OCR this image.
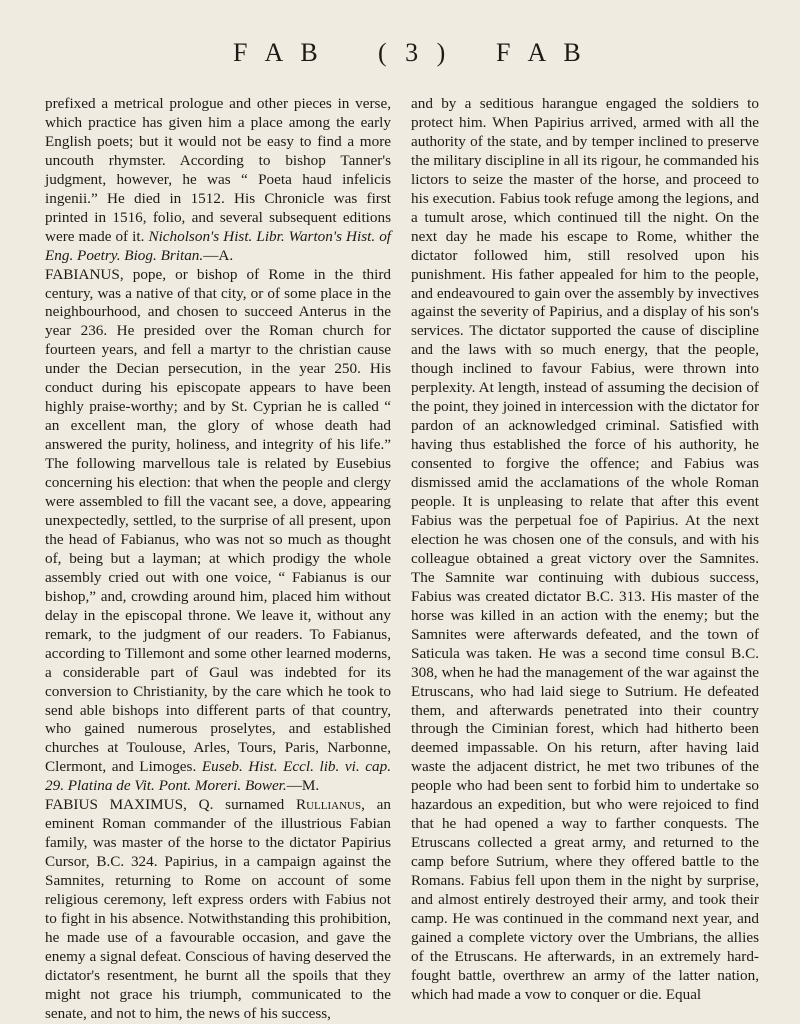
F A B ( 3 ) F A B

prefixed a metrical prologue and other pieces in verse, which practice has given him a place among the early English poets; but it would not be easy to find a more uncouth rhymster. According to bishop Tanner's judgment, however, he was “ Poeta haud infelicis ingenii.” He died in 1512. His Chronicle was first printed in 1516, folio, and several subsequent editions were made of it. Nicholson's Hist. Libr. Warton's Hist. of Eng. Poetry. Biog. Britan.—A.

FABIANUS, pope, or bishop of Rome in the third century, was a native of that city, or of some place in the neighbourhood, and chosen to succeed Anterus in the year 236. He presided over the Roman church for fourteen years, and fell a martyr to the christian cause under the Decian persecution, in the year 250. His conduct during his episcopate appears to have been highly praise-worthy; and by St. Cyprian he is called “ an excellent man, the glory of whose death had answered the purity, holiness, and integrity of his life.” The following marvellous tale is related by Eusebius concerning his election: that when the people and clergy were assembled to fill the vacant see, a dove, appearing unexpectedly, settled, to the surprise of all present, upon the head of Fabianus, who was not so much as thought of, being but a layman; at which prodigy the whole assembly cried out with one voice, “ Fabianus is our bishop,” and, crowding around him, placed him without delay in the episcopal throne. We leave it, without any remark, to the judgment of our readers. To Fabianus, according to Tillemont and some other learned moderns, a considerable part of Gaul was indebted for its conversion to Christianity, by the care which he took to send able bishops into different parts of that country, who gained numerous proselytes, and established churches at Toulouse, Arles, Tours, Paris, Narbonne, Clermont, and Limoges. Euseb. Hist. Eccl. lib. vi. cap. 29. Platina de Vit. Pont. Moreri. Bower.—M.

FABIUS MAXIMUS, Q. surnamed Rullianus, an eminent Roman commander of the illustrious Fabian family, was master of the horse to the dictator Papirius Cursor, B.C. 324. Papirius, in a campaign against the Samnites, returning to Rome on account of some religious ceremony, left express orders with Fabius not to fight in his absence. Notwithstanding this prohibition, he made use of a favourable occasion, and gave the enemy a signal defeat. Conscious of having deserved the dictator's resentment, he burnt all the spoils that they might not grace his triumph, communicated to the senate, and not to him, the news of his success,

and by a seditious harangue engaged the soldiers to protect him. When Papirius arrived, armed with all the authority of the state, and by temper inclined to preserve the military discipline in all its rigour, he commanded his lictors to seize the master of the horse, and proceed to his execution. Fabius took refuge among the legions, and a tumult arose, which continued till the night. On the next day he made his escape to Rome, whither the dictator followed him, still resolved upon his punishment. His father appealed for him to the people, and endeavoured to gain over the assembly by invectives against the severity of Papirius, and a display of his son's services. The dictator supported the cause of discipline and the laws with so much energy, that the people, though inclined to favour Fabius, were thrown into perplexity. At length, instead of assuming the decision of the point, they joined in intercession with the dictator for pardon of an acknowledged criminal. Satisfied with having thus established the force of his authority, he consented to forgive the offence; and Fabius was dismissed amid the acclamations of the whole Roman people. It is unpleasing to relate that after this event Fabius was the perpetual foe of Papirius. At the next election he was chosen one of the consuls, and with his colleague obtained a great victory over the Samnites. The Samnite war continuing with dubious success, Fabius was created dictator B.C. 313. His master of the horse was killed in an action with the enemy; but the Samnites were afterwards defeated, and the town of Saticula was taken. He was a second time consul B.C. 308, when he had the management of the war against the Etruscans, who had laid siege to Sutrium. He defeated them, and afterwards penetrated into their country through the Ciminian forest, which had hitherto been deemed impassable. On his return, after having laid waste the adjacent district, he met two tribunes of the people who had been sent to forbid him to undertake so hazardous an expedition, but who were rejoiced to find that he had opened a way to farther conquests. The Etruscans collected a great army, and returned to the camp before Sutrium, where they offered battle to the Romans. Fabius fell upon them in the night by surprise, and almost entirely destroyed their army, and took their camp. He was continued in the command next year, and gained a complete victory over the Umbrians, the allies of the Etruscans. He afterwards, in an extremely hard-fought battle, overthrew an army of the latter nation, which had made a vow to conquer or die. Equal
